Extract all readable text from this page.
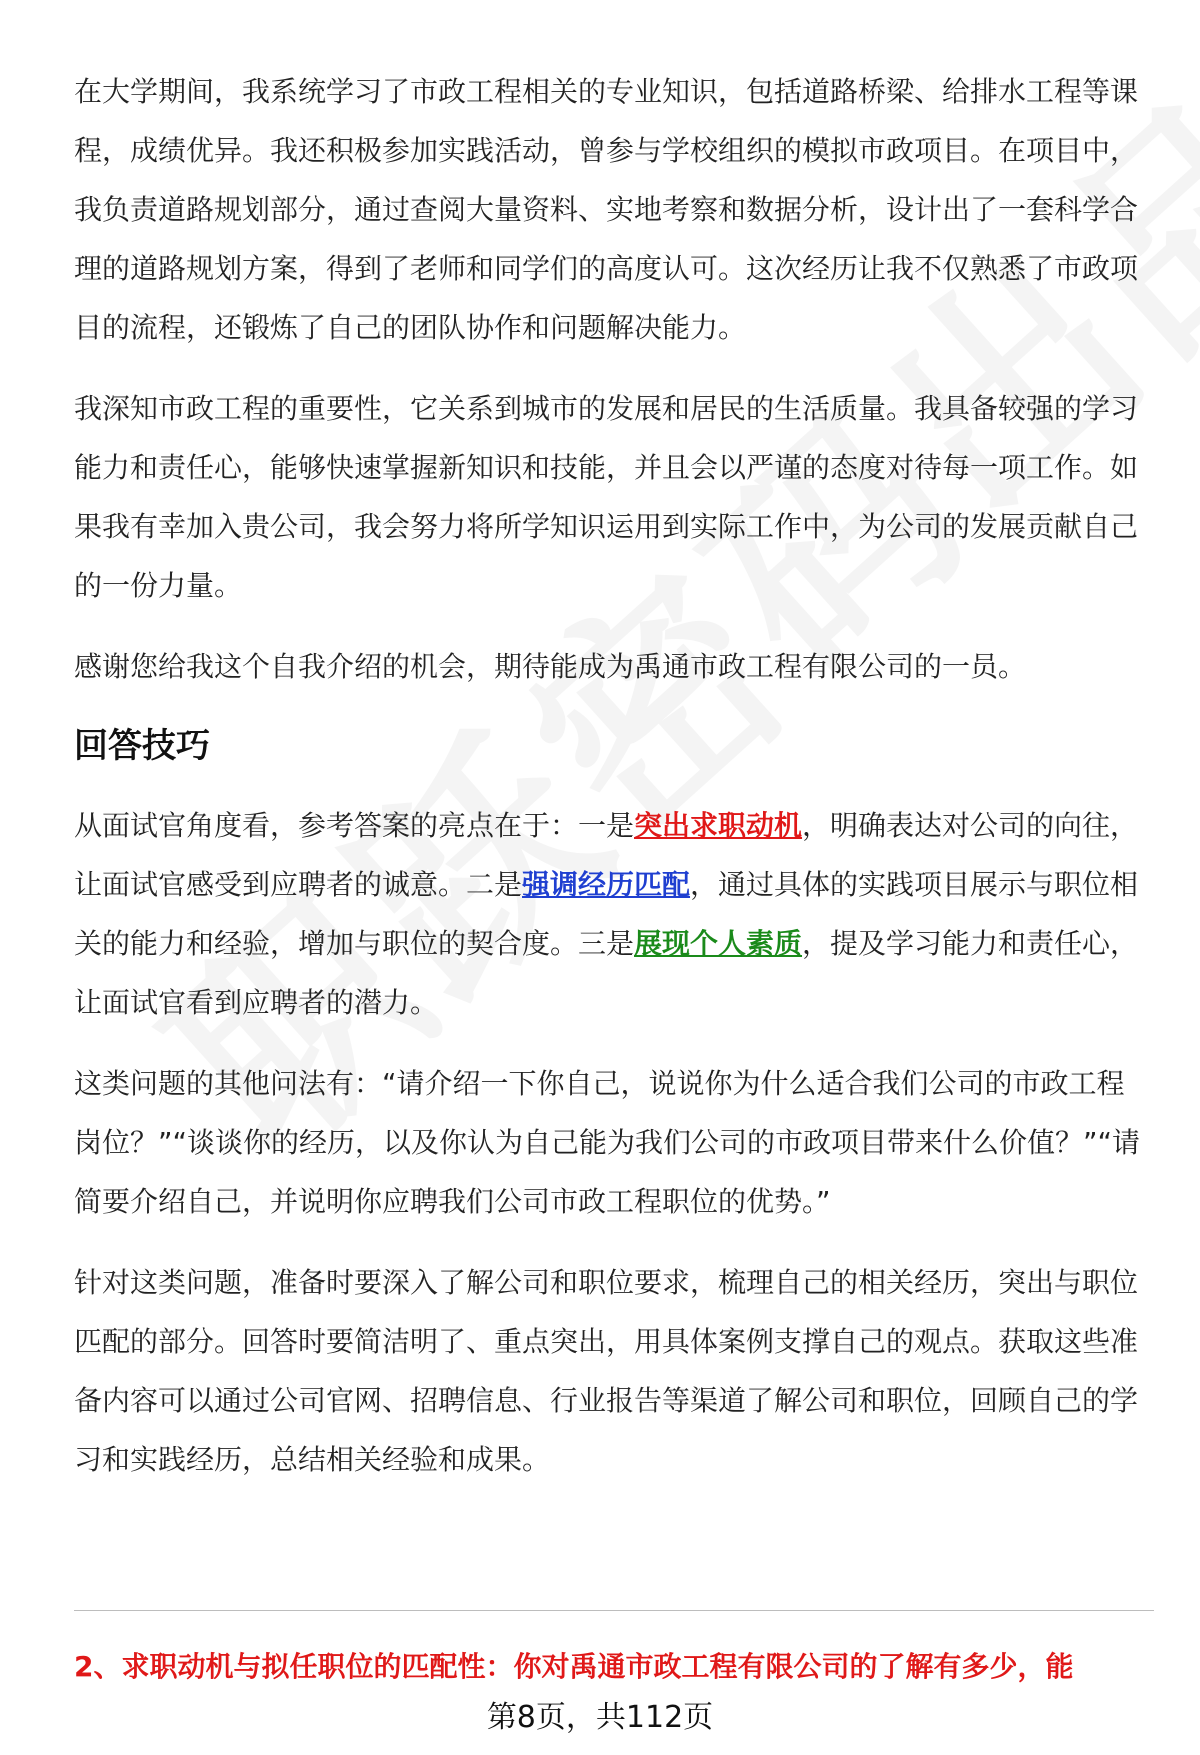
在大学期间，我系统学习了市政工程相关的专业知识，包括道路桥梁、给排水工程等课程，成绩优异。我还积极参加实践活动，曾参与学校组织的模拟市政项目。在项目中，我负责道路规划部分，通过查阅大量资料、实地考察和数据分析，设计出了一套科学合理的道路规划方案，得到了老师和同学们的高度认可。这次经历让我不仅熟悉了市政项目的流程，还锻炼了自己的团队协作和问题解决能力。

我深知市政工程的重要性，它关系到城市的发展和居民的生活质量。我具备较强的学习能力和责任心，能够快速掌握新知识和技能，并且会以严谨的态度对待每一项工作。如果我有幸加入贵公司，我会努力将所学知识运用到实际工作中，为公司的发展贡献自己的一份力量。

感谢您给我这个自我介绍的机会，期待能成为禹通市政工程有限公司的一员。

回答技巧

从面试官角度看，参考答案的亮点在于：一是突出求职动机，明确表达对公司的向往，让面试官感受到应聘者的诚意。二是强调经历匹配，通过具体的实践项目展示与职位相关的能力和经验，增加与职位的契合度。三是展现个人素质，提及学习能力和责任心，让面试官看到应聘者的潜力。

这类问题的其他问法有：“请介绍一下你自己，说说你为什么适合我们公司的市政工程岗位？”“谈谈你的经历，以及你认为自己能为我们公司的市政项目带来什么价值？”“请简要介绍自己，并说明你应聘我们公司市政工程职位的优势。”

针对这类问题，准备时要深入了解公司和职位要求，梳理自己的相关经历，突出与职位匹配的部分。回答时要简洁明了、重点突出，用具体案例支撑自己的观点。获取这些准备内容可以通过公司官网、招聘信息、行业报告等渠道了解公司和职位，回顾自己的学习和实践经历，总结相关经验和成果。

2、求职动机与拟任职位的匹配性：你对禹通市政工程有限公司的了解有多少，能
第8页，共112页
